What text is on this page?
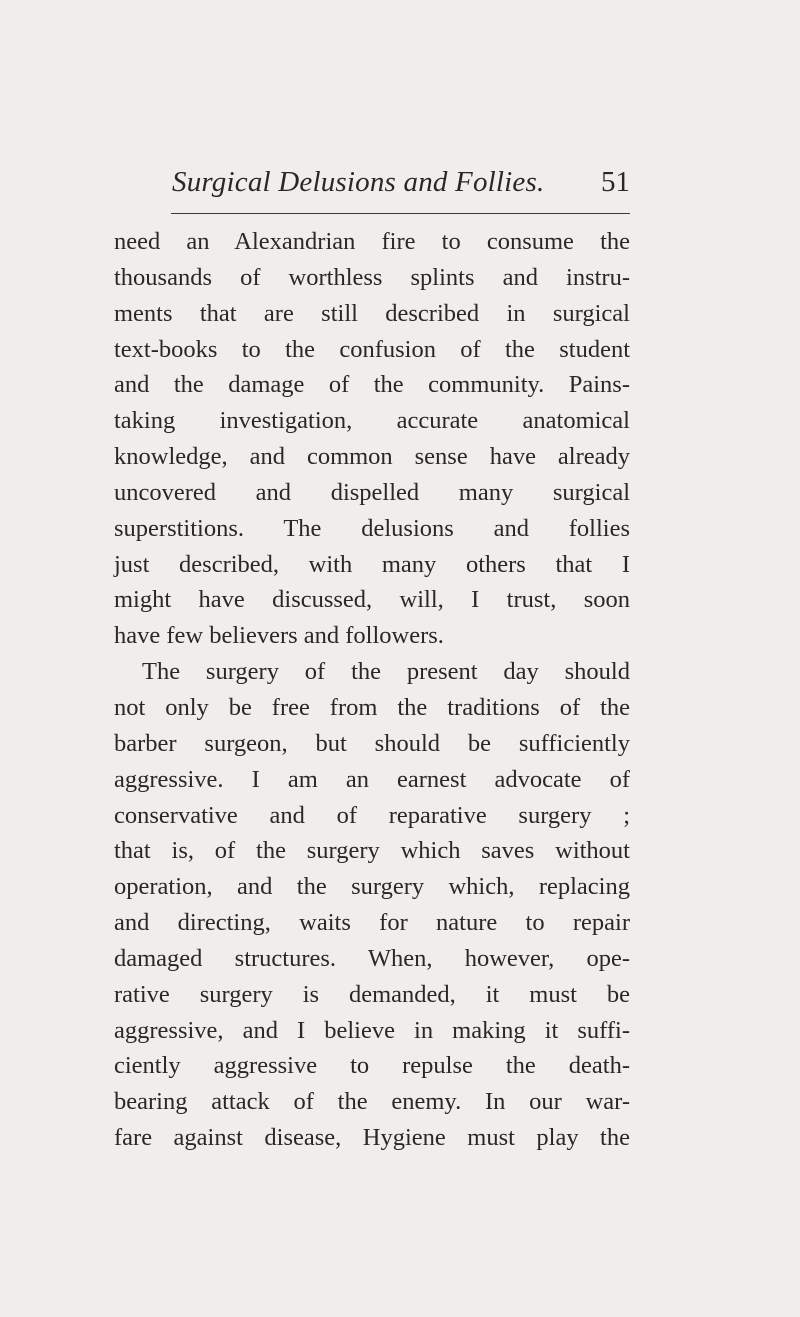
Surgical Delusions and Follies. 51
need an Alexandrian fire to consume the
thousands of worthless splints and instru-
ments that are still described in surgical
text-books to the confusion of the student
and the damage of the community. Pains-
taking investigation, accurate anatomical
knowledge, and common sense have already
uncovered and dispelled many surgical
superstitions. The delusions and follies
just described, with many others that I
might have discussed, will, I trust, soon
have few believers and followers.
The surgery of the present day should
not only be free from the traditions of the
barber surgeon, but should be sufficiently
aggressive. I am an earnest advocate of
conservative and of reparative surgery ;
that is, of the surgery which saves without
operation, and the surgery which, replacing
and directing, waits for nature to repair
damaged structures. When, however, ope-
rative surgery is demanded, it must be
aggressive, and I believe in making it suffi-
ciently aggressive to repulse the death-
bearing attack of the enemy. In our war-
fare against disease, Hygiene must play the
